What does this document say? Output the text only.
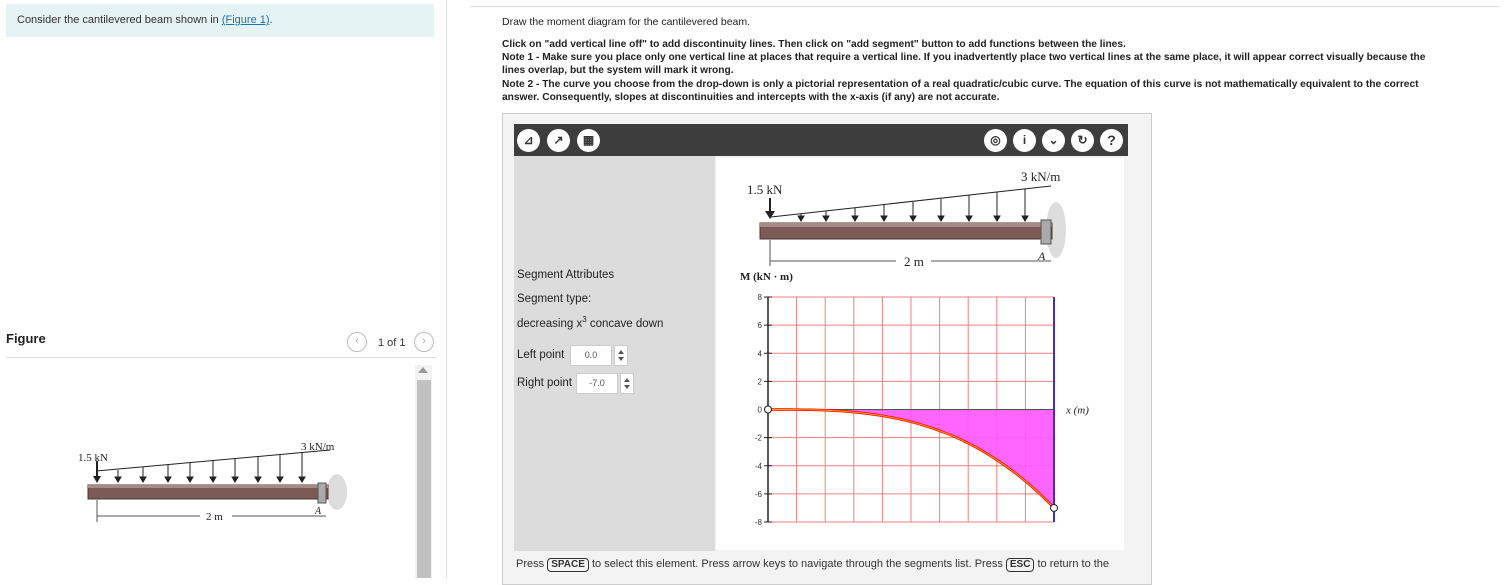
Consider the cantilevered beam shown in (Figure 1).
Figure	‹	1 of 1	›
1.5 kN
3 kN/m
2 m	A
Draw the moment diagram for the cantilevered beam.
Click on "add vertical line off" to add discontinuity lines. Then click on "add segment" button to add functions between the lines.
Note 1 - Make sure you place only one vertical line at places that require a vertical line. If you inadvertently place two vertical lines at the same place, it will appear correct visually because the
lines overlap, but the system will mark it wrong.
Note 2 - The curve you choose from the drop-down is only a pictorial representation of a real quadratic/cubic curve. The equation of this curve is not mathematically equivalent to the correct
answer. Consequently, slopes at discontinuities and intercepts with the x-axis (if any) are not accurate.
⊿	↗	▦	◎	i	⌄	↻	?
Segment Attributes
Segment type:
decreasing $x^3$ concave down
Left point	0.0
Right point	-7.0
1.5 kN
3 kN/m
2 m	A
M (kN · m)
8
6
4
2
0
-2
-4
-6
-8
x (m)
Press SPACE to select this element. Press arrow keys to navigate through the segments list. Press ESC to return to the
